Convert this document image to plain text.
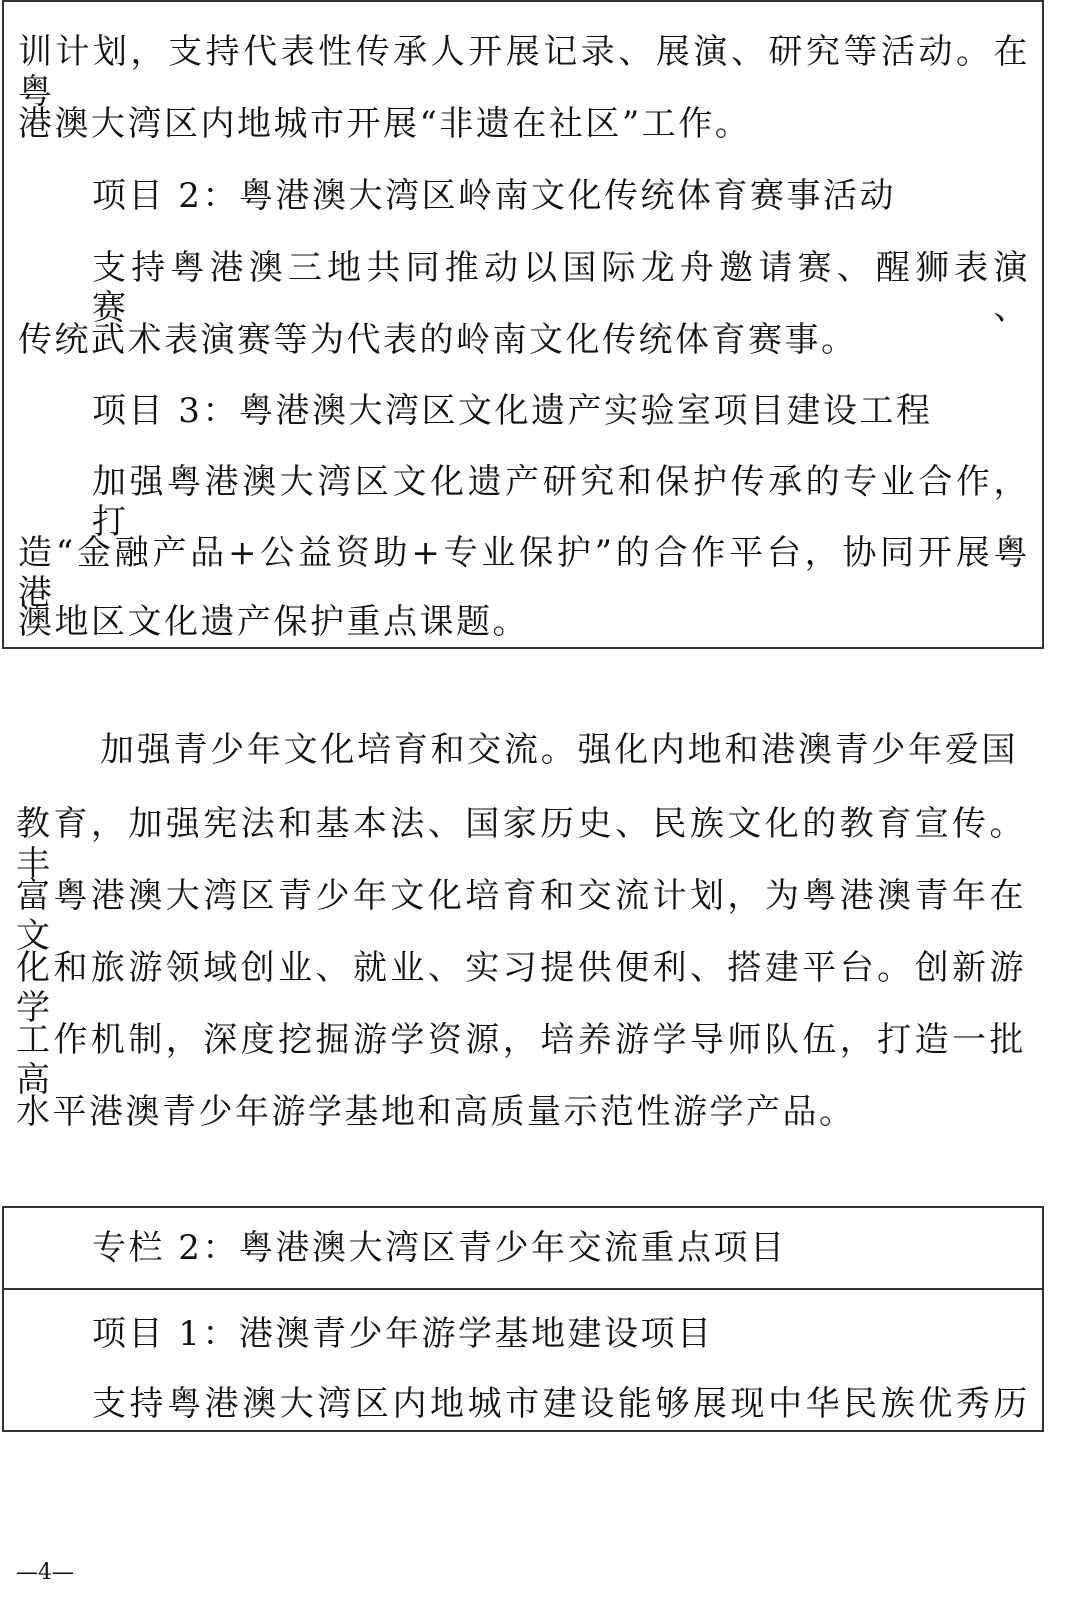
训计划，支持代表性传承人开展记录、展演、研究等活动。在粤
港澳大湾区内地城市开展“非遗在社区”工作。
项目 2：粤港澳大湾区岭南文化传统体育赛事活动
支持粤港澳三地共同推动以国际龙舟邀请赛、醒狮表演赛、
传统武术表演赛等为代表的岭南文化传统体育赛事。
项目 3：粤港澳大湾区文化遗产实验室项目建设工程
加强粤港澳大湾区文化遗产研究和保护传承的专业合作，打
造“金融产品+公益资助+专业保护”的合作平台，协同开展粤港
澳地区文化遗产保护重点课题。
加强青少年文化培育和交流。强化内地和港澳青少年爱国
教育，加强宪法和基本法、国家历史、民族文化的教育宣传。丰
富粤港澳大湾区青少年文化培育和交流计划，为粤港澳青年在文
化和旅游领域创业、就业、实习提供便利、搭建平台。创新游学
工作机制，深度挖掘游学资源，培养游学导师队伍，打造一批高
水平港澳青少年游学基地和高质量示范性游学产品。
专栏 2：粤港澳大湾区青少年交流重点项目
项目 1：港澳青少年游学基地建设项目
支持粤港澳大湾区内地城市建设能够展现中华民族优秀历
—4—
